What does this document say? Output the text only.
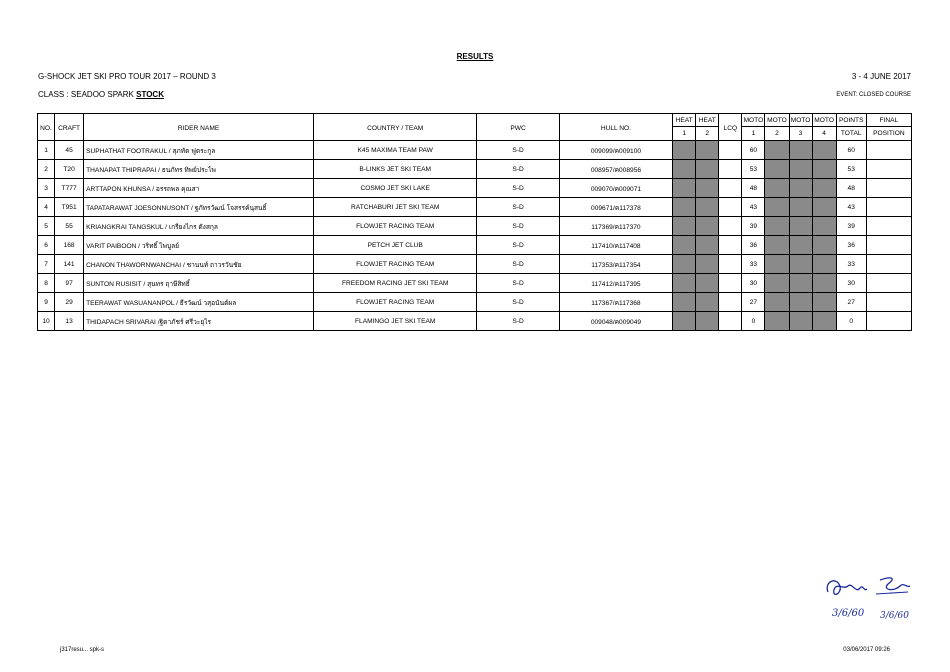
RESULTS
G-SHOCK JET SKI PRO TOUR 2017 – ROUND 3	3 - 4 JUNE 2017
CLASS : SEADOO SPARK STOCK	EVENT: CLOSED COURSE
NO.	CRAFT	RIDER NAME	COUNTRY / TEAM	PWC	HULL NO.	HEAT	HEAT	LCQ	MOTO	MOTO	MOTO	MOTO	POINTS	FINAL
						1	2		1	2	3	4	TOTAL	POSITION
1	45	SUPHATHAT FOOTRAKUL / สุภทัต ฟูตระกูล	K45 MAXIMA TEAM PAW	S-D	009099/ค009100				60				60	
2	T20	THANAPAT THIPRAPAI / ธนภัทร ทิพย์ประไพ	B-LINKS JET SKI TEAM	S-D	008957/ค008956				53				53	
3	T777	ARTTAPON KHUNSA / อรรถพล คุณสา	COSMO JET SKI LAKE	S-D	009070/ค009071				48				48	
4	T951	TAPATARAWAT JOESONNUSONT / ฐภัทรวัฒน์ โจสรรค์นุสนธิ์	RATCHABURI JET SKI TEAM	S-D	009671/ค117378				43				43	
5	55	KRIANGKRAI TANGSKUL / เกรียงไกร ตังสกุล	FLOWJET RACING TEAM	S-D	117369/ค117370				39				39	
6	168	VARIT PAIBOON / วริทธิ์ ไพบูลย์	PETCH JET CLUB	S-D	117410/ค117408				36				36	
7	141	CHANON THAWORNWANCHAI / ชานนท์ ถาวรวันชัย	FLOWJET RACING TEAM	S-D	117353/ค117354				33				33	
8	97	SUNTON RUSISIT / สุนทร ฤาษีสิทธิ์	FREEDOM RACING JET SKI TEAM	S-D	117412/ค117395				30				30	
9	29	TEERAWAT WASUANANPOL / ธีรวัฒน์ วสุอนันต์ผล	FLOWJET RACING TEAM	S-D	117367/ค117368				27				27	
10	13	THIDAPACH SRIVARAI /ฐิดาภัชร์ ศรีวะยุไร	FLAMINGO JET SKI TEAM	S-D	009048/ค009049				0				0	
3/6/60 3/6/60
j317resu... spk-s	03/06/2017 09:26
